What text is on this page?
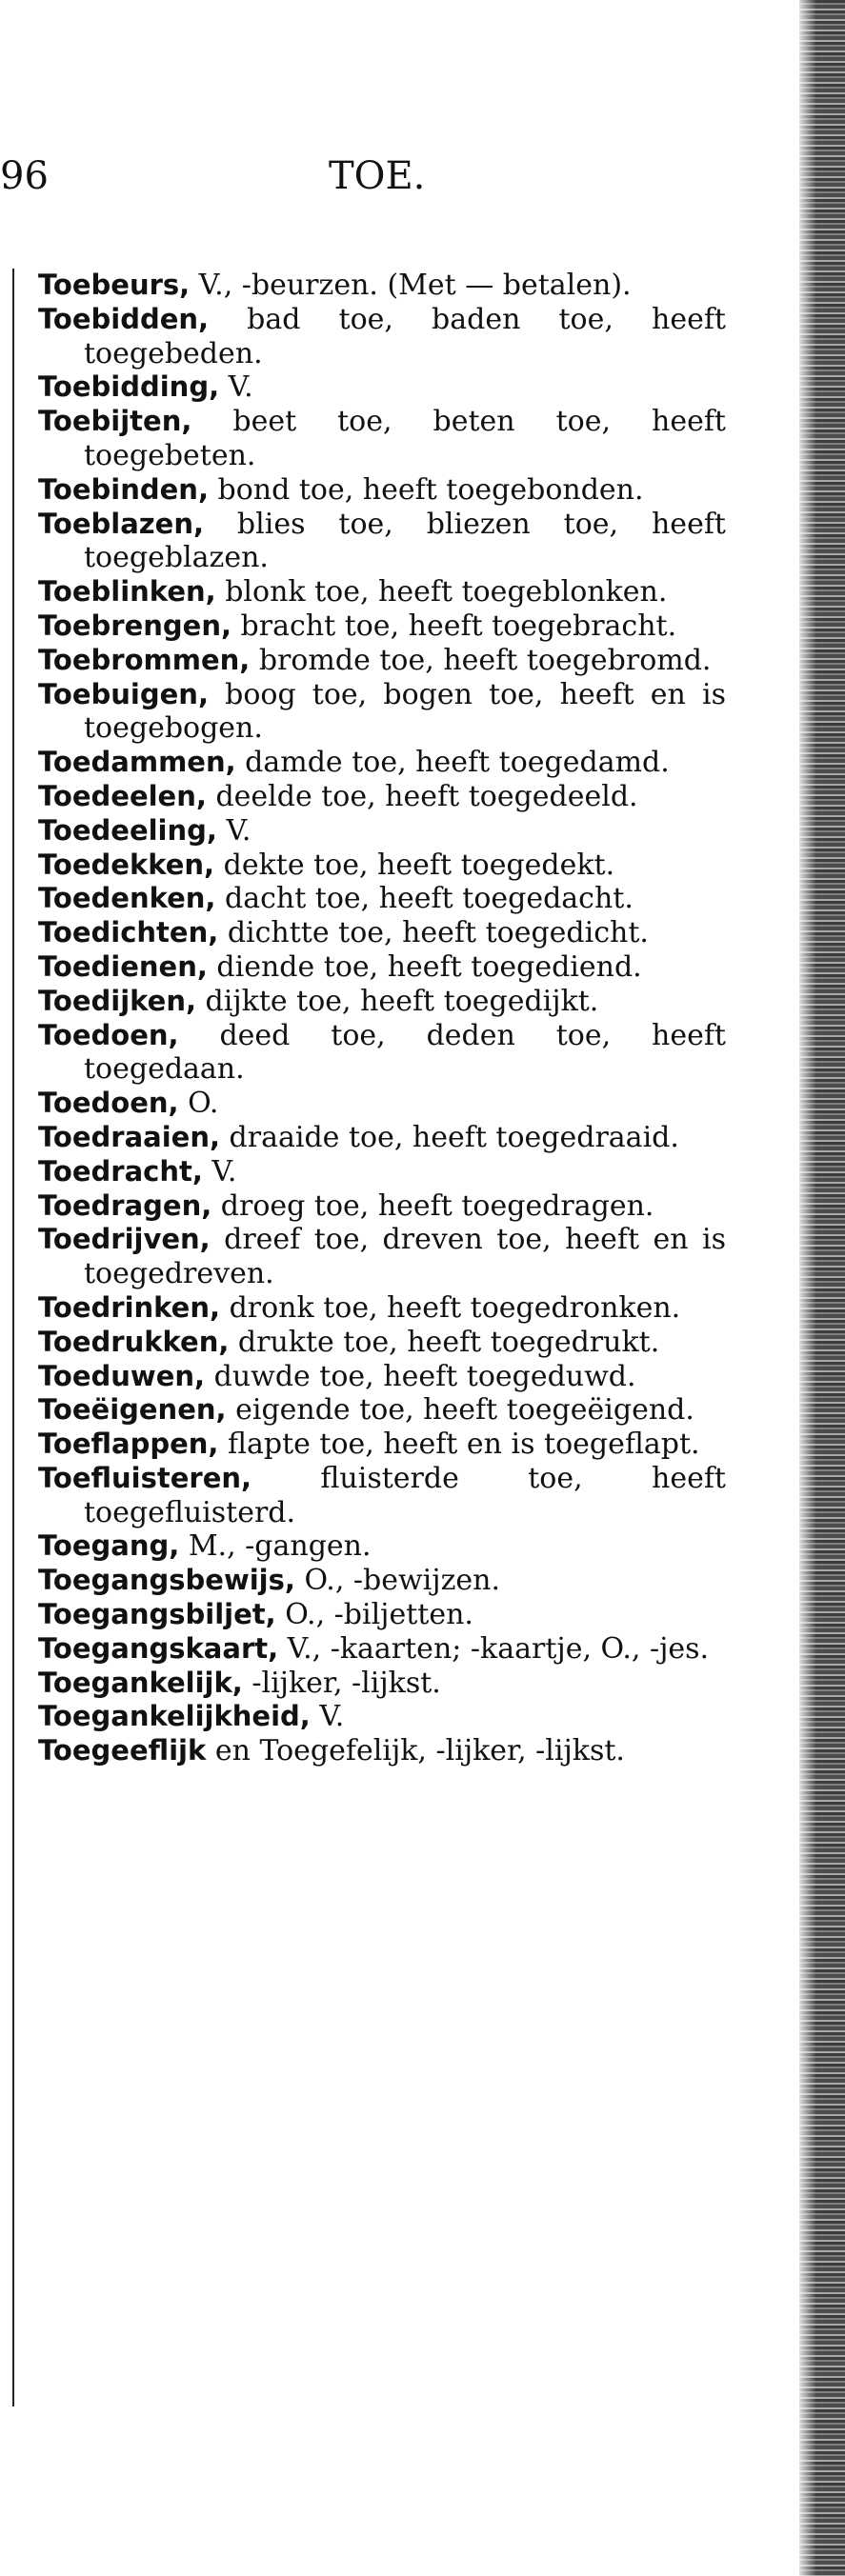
96	TOE.

Toebeurs, V., -beurzen. (Met — betalen).

Toebidden, bad toe, baden toe, heeft toegebeden.

Toebidding, V.

Toebijten, beet toe, beten toe, heeft toegebeten.

Toebinden, bond toe, heeft toegebonden.

Toeblazen, blies toe, bliezen toe, heeft toegeblazen.

Toeblinken, blonk toe, heeft toegeblonken.

Toebrengen, bracht toe, heeft toegebracht.

Toebrommen, bromde toe, heeft toegebromd.

Toebuigen, boog toe, bogen toe, heeft en is toegebogen.

Toedammen, damde toe, heeft toegedamd.

Toedeelen, deelde toe, heeft toegedeeld.

Toedeeling, V.

Toedekken, dekte toe, heeft toegedekt.

Toedenken, dacht toe, heeft toegedacht.

Toedichten, dichtte toe, heeft toegedicht.

Toedienen, diende toe, heeft toegediend.

Toedijken, dijkte toe, heeft toegedijkt.

Toedoen, deed toe, deden toe, heeft toegedaan.

Toedoen, O.

Toedraaien, draaide toe, heeft toegedraaid.

Toedracht, V.

Toedragen, droeg toe, heeft toegedragen.

Toedrijven, dreef toe, dreven toe, heeft en is toegedreven.

Toedrinken, dronk toe, heeft toegedronken.

Toedrukken, drukte toe, heeft toegedrukt.

Toeduwen, duwde toe, heeft toegeduwd.

Toeëigenen, eigende toe, heeft toegeëigend.

Toeflappen, flapte toe, heeft en is toegeflapt.

Toefluisteren, fluisterde toe, heeft toegefluisterd.

Toegang, M., -gangen.

Toegangsbewijs, O., -bewijzen.

Toegangsbiljet, O., -biljetten.

Toegangskaart, V., -kaarten; -kaartje, O., -jes.

Toegankelijk, -lijker, -lijkst.

Toegankelijkheid, V.

Toegeeflijk en Toegefelijk, -lijker, -lijkst.
